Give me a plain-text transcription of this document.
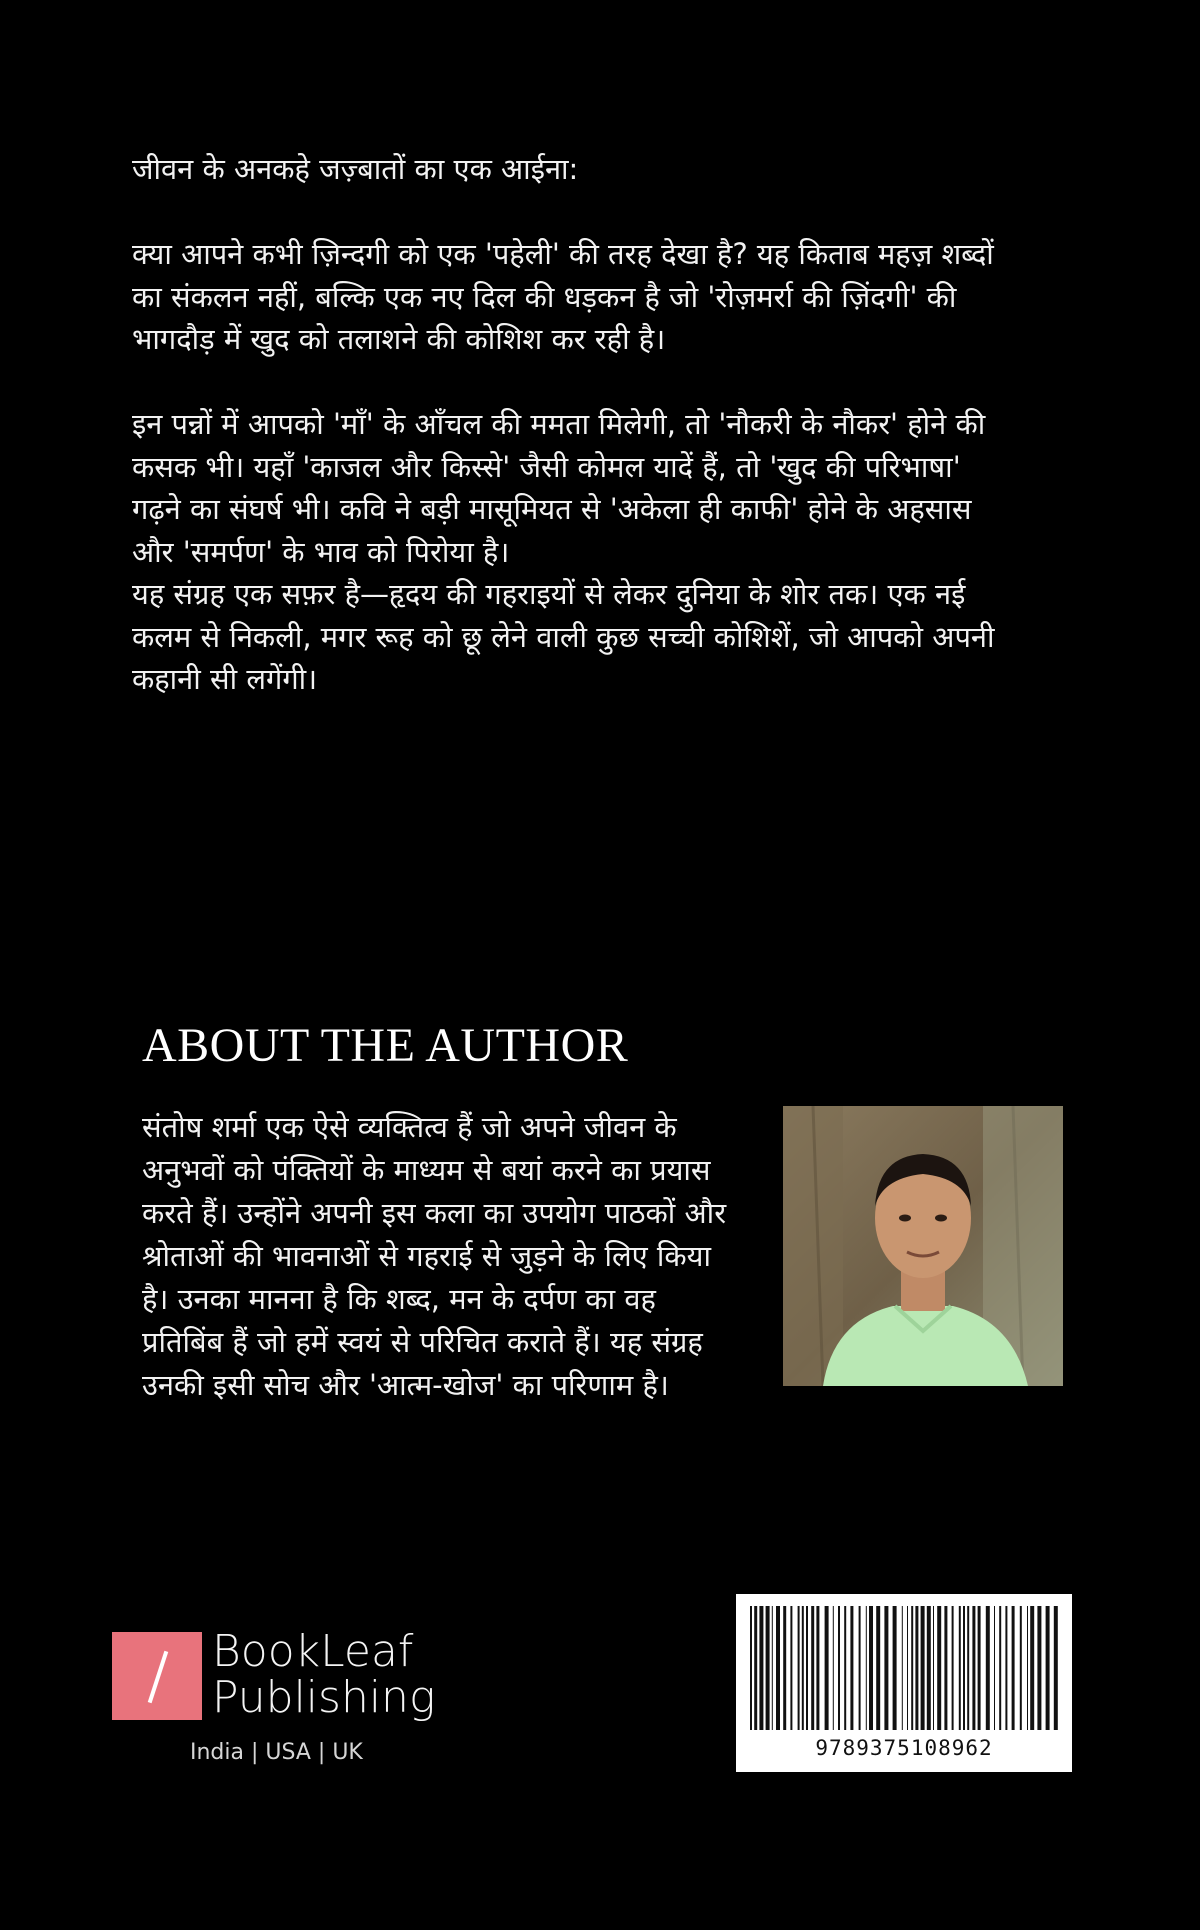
जीवन के अनकहे जज़्बातों का एक आईना:

क्या आपने कभी ज़िन्दगी को एक 'पहेली' की तरह देखा है? यह किताब महज़ शब्दों का संकलन नहीं, बल्कि एक नए दिल की धड़कन है जो 'रोज़मर्रा की ज़िंदगी' की भागदौड़ में खुद को तलाशने की कोशिश कर रही है।

इन पन्नों में आपको 'माँ' के आँचल की ममता मिलेगी, तो 'नौकरी के नौकर' होने की कसक भी। यहाँ 'काजल और किस्से' जैसी कोमल यादें हैं, तो 'खुद की परिभाषा' गढ़ने का संघर्ष भी। कवि ने बड़ी मासूमियत से 'अकेला ही काफी' होने के अहसास और 'समर्पण' के भाव को पिरोया है।

यह संग्रह एक सफ़र है—हृदय की गहराइयों से लेकर दुनिया के शोर तक। एक नई कलम से निकली, मगर रूह को छू लेने वाली कुछ सच्ची कोशिशें, जो आपको अपनी कहानी सी लगेंगी।

ABOUT THE AUTHOR

संतोष शर्मा एक ऐसे व्यक्तित्व हैं जो अपने जीवन के अनुभवों को पंक्तियों के माध्यम से बयां करने का प्रयास करते हैं। उन्होंने अपनी इस कला का उपयोग पाठकों और श्रोताओं की भावनाओं से गहराई से जुड़ने के लिए किया है। उनका मानना है कि शब्द, मन के दर्पण का वह प्रतिबिंब हैं जो हमें स्वयं से परिचित कराते हैं। यह संग्रह उनकी इसी सोच और 'आत्म-खोज' का परिणाम है।

BookLeaf
Publishing
India | USA | UK	9789375108962
